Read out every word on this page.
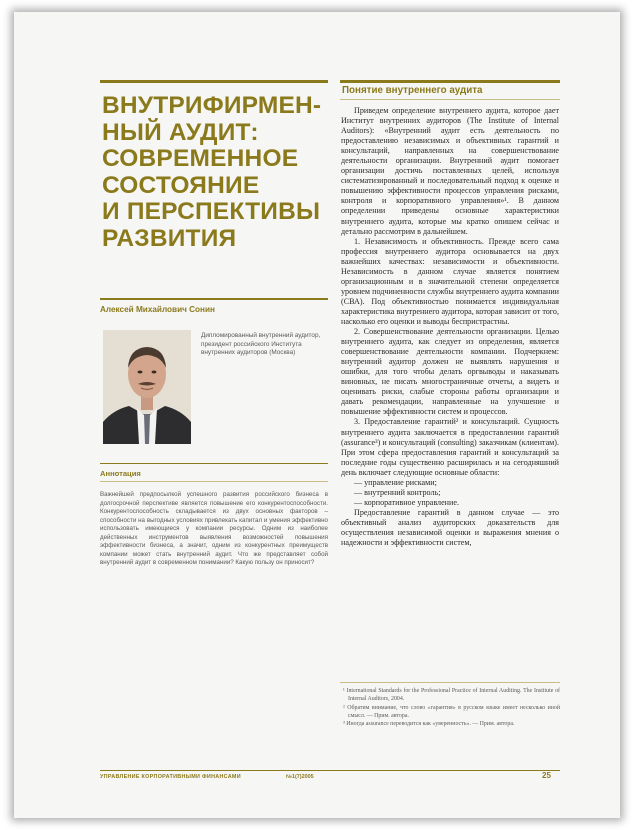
ВНУТРИФИРМЕН-
НЫЙ АУДИТ:
СОВРЕМЕННОЕ
СОСТОЯНИЕ
И ПЕРСПЕКТИВЫ
РАЗВИТИЯ
Алексей Михайлович Сонин
Дипломированный внутренний аудитор, президент российского Института внутренних аудиторов (Москва)
Аннотация
Важнейшей предпосылкой успешного развития российского бизнеса в долгосрочной перспективе является повышение его конкурентоспособности. Конкурентоспособность складывается из двух основных факторов – способности на выгодных условиях привлекать капитал и умения эффективно использовать имеющиеся у компании ресурсы. Одним из наиболее действенных инструментов выявления возможностей повышения эффективности бизнеса, а значит, одним из конкурентных преимуществ компании может стать внутренний аудит. Что же представляет собой внутренний аудит в современном понимании? Какую пользу он приносит?
Понятие внутреннего аудита

Приведем определение внутреннего аудита, которое дает Институт внутренних аудиторов (The Institute of Internal Auditors): «Внутренний аудит есть деятельность по предоставлению независимых и объективных гарантий и консультаций, направленных на совершенствование деятельности организации. Внутренний аудит помогает организации достичь поставленных целей, используя систематизированный и последовательный подход к оценке и повышению эффективности процессов управления рисками, контроля и корпоративного управления»¹. В данном определении приведены основные характеристики внутреннего аудита, которые мы кратко опишем сейчас и детально рассмотрим в дальнейшем.

1. Независимость и объективность. Прежде всего сама профессия внутреннего аудитора основывается на двух важнейших качествах: независимости и объективности. Независимость в данном случае является понятием организационным и в значительной степени определяется уровнем подчиненности службы внутреннего аудита компании (СВА). Под объективностью понимается индивидуальная характеристика внутреннего аудитора, которая зависит от того, насколько его оценки и выводы беспристрастны.

2. Совершенствование деятельности организации. Целью внутреннего аудита, как следует из определения, является совершенствование деятельности компании. Подчеркнем: внутренний аудитор должен не выявлять нарушения и ошибки, для того чтобы делать оргвыводы и наказывать виновных, не писать многостраничные отчеты, а видеть и оценивать риски, слабые стороны работы организации и давать рекомендации, направленные на улучшение и повышение эффективности систем и процессов.

3. Предоставление гарантий² и консультаций. Сущность внутреннего аудита заключается в предоставлении гарантий (assurance³) и консультаций (consulting) заказчикам (клиентам). При этом сфера предоставления гарантий и консультаций за последние годы существенно расширилась и на сегодняшний день включает следующие основные области:

— управление рисками;

— внутренний контроль;

— корпоративное управление.

Предоставление гарантий в данном случае — это объективный анализ аудиторских доказательств для осуществления независимой оценки и выражения мнения о надежности и эффективности систем,

¹ International Standards for the Professional Practice of Internal Auditing. The Institute of Internal Auditors, 2004.
² Обратим внимание, что слово «гарантия» в русском языке имеет несколько иной смысл. — Прим. автора.
³ Иногда assurance переводится как «уверенность». — Прим. автора.
УПРАВЛЕНИЕ КОРПОРАТИВНЫМИ ФИНАНСАМИ	№1(7)2005	25
